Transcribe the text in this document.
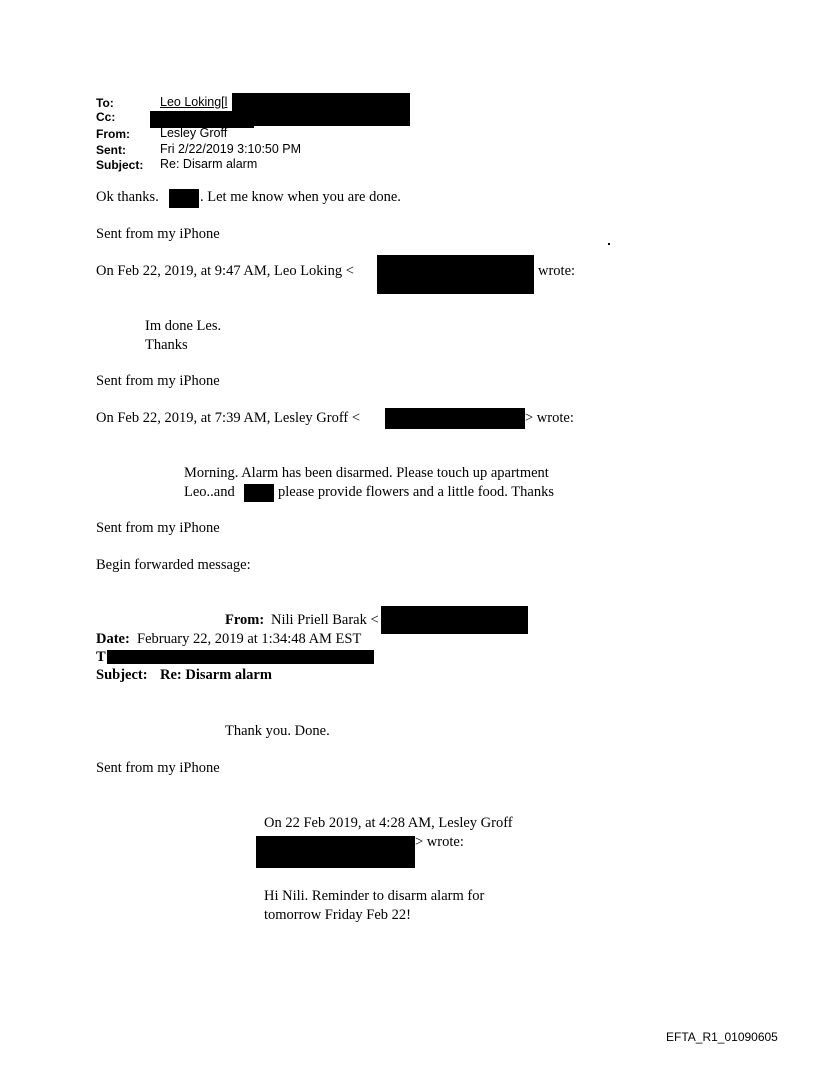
To:	Leo Loking[l
Cc:
From: Lesley Groff
Sent:	Fri 2/22/2019 3:10:50 PM
Subject: Re: Disarm alarm
Ok thanks.	. Let me know when you are done.
Sent from my iPhone
On Feb 22, 2019, at 9:47 AM, Leo Loking <	wrote:
Im done Les.
Thanks
Sent from my iPhone
On Feb 22, 2019, at 7:39 AM, Lesley Groff <	> wrote:
Morning. Alarm has been disarmed. Please touch up apartment
Leo..and	please provide flowers and a little food. Thanks
Sent from my iPhone
Begin forwarded message:
From: Nili Priell Barak <
Date: February 22, 2019 at 1:34:48 AM EST
T
Subject: Re: Disarm alarm
Thank you. Done.
Sent from my iPhone
On 22 Feb 2019, at 4:28 AM, Lesley Groff
> wrote:
Hi Nili. Reminder to disarm alarm for
tomorrow Friday Feb 22!
EFTA_R1_01090605
